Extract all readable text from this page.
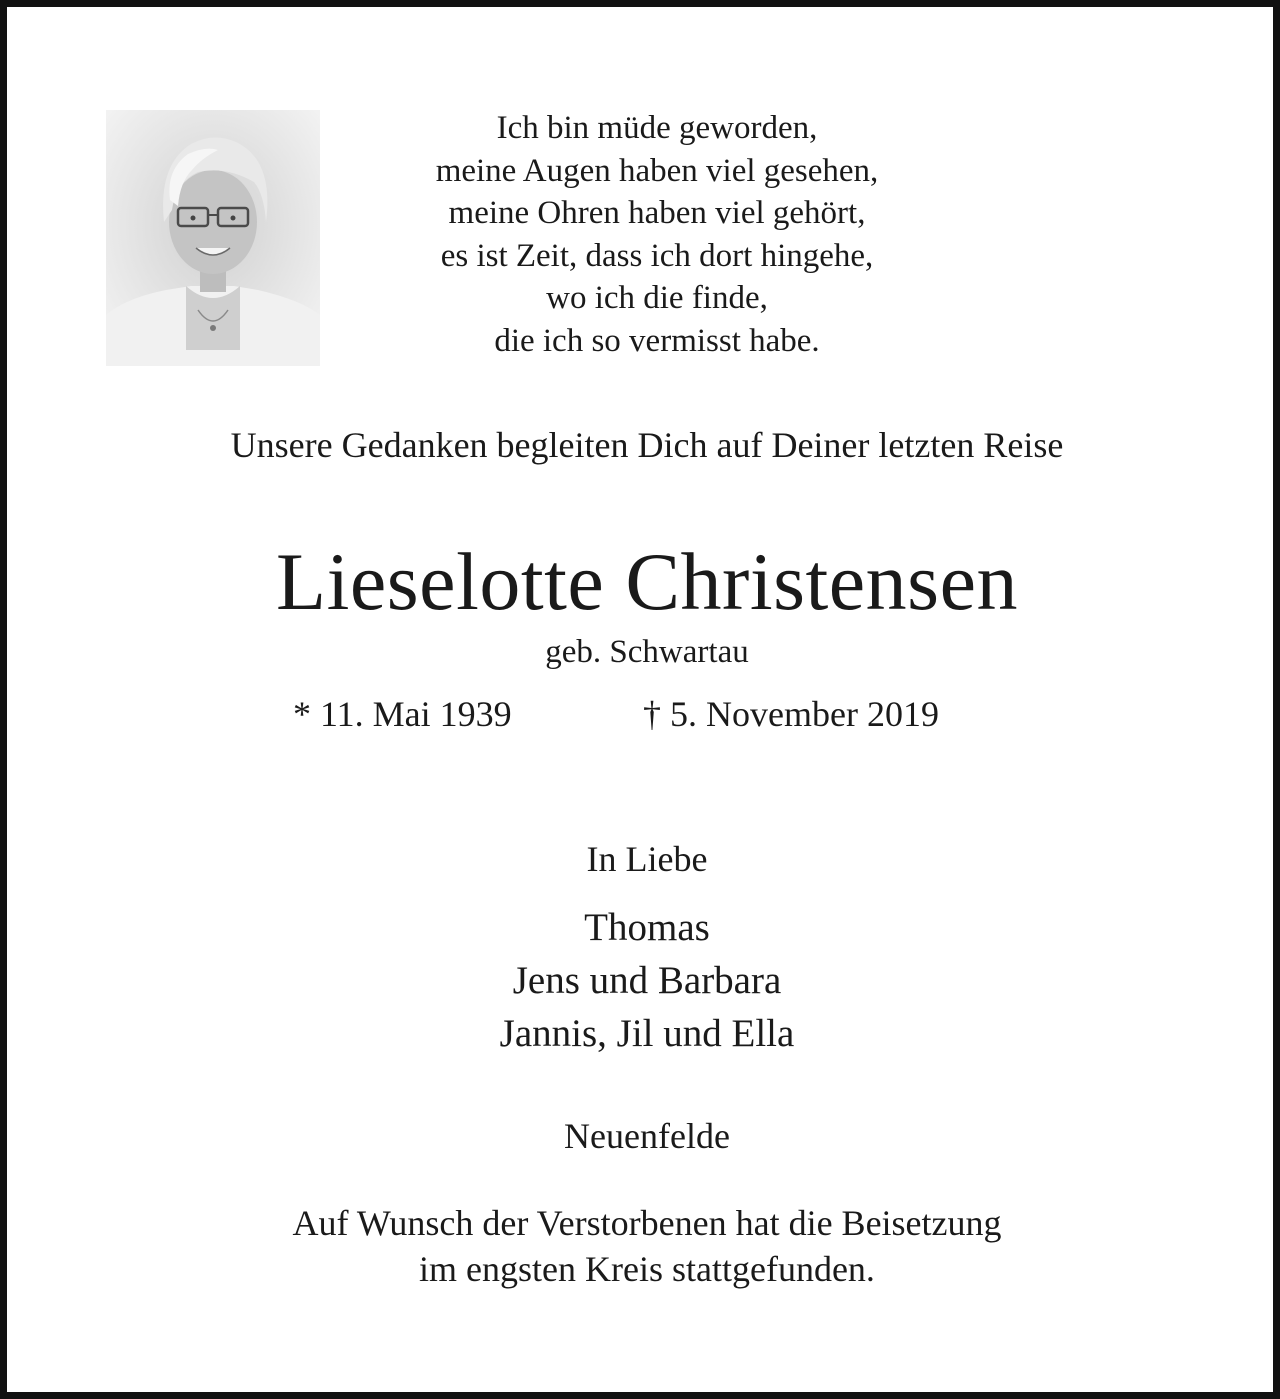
Ich bin müde geworden,
meine Augen haben viel gesehen,
meine Ohren haben viel gehört,
es ist Zeit, dass ich dort hingehe,
wo ich die finde,
die ich so vermisst habe.
Unsere Gedanken begleiten Dich auf Deiner letzten Reise
Lieselotte Christensen
geb. Schwartau
* 11. Mai 1939	† 5. November 2019
In Liebe
Thomas
Jens und Barbara
Jannis, Jil und Ella
Neuenfelde
Auf Wunsch der Verstorbenen hat die Beisetzung
im engsten Kreis stattgefunden.
